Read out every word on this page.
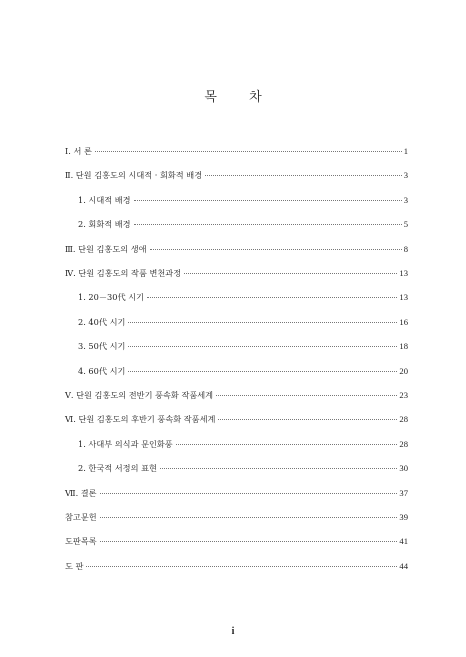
목 차
Ⅰ. 서 론	1
Ⅱ. 단원 김홍도의 시대적 · 회화적 배경	3
1. 시대적 배경	3
2. 회화적 배경	5
Ⅲ. 단원 김홍도의 생애	8
Ⅳ. 단원 김홍도의 작품 변천과정	13
1. 20－30代 시기	13
2. 40代 시기	16
3. 50代 시기	18
4. 60代 시기	20
Ⅴ. 단원 김홍도의 전반기 풍속화 작품세계	23
Ⅵ. 단원 김홍도의 후반기 풍속화 작품세계	28
1. 사대부 의식과 문인화풍	28
2. 한국적 서정의 표현	30
Ⅶ. 결론	37
참고문헌	39
도판목록	41
도 판	44
i
